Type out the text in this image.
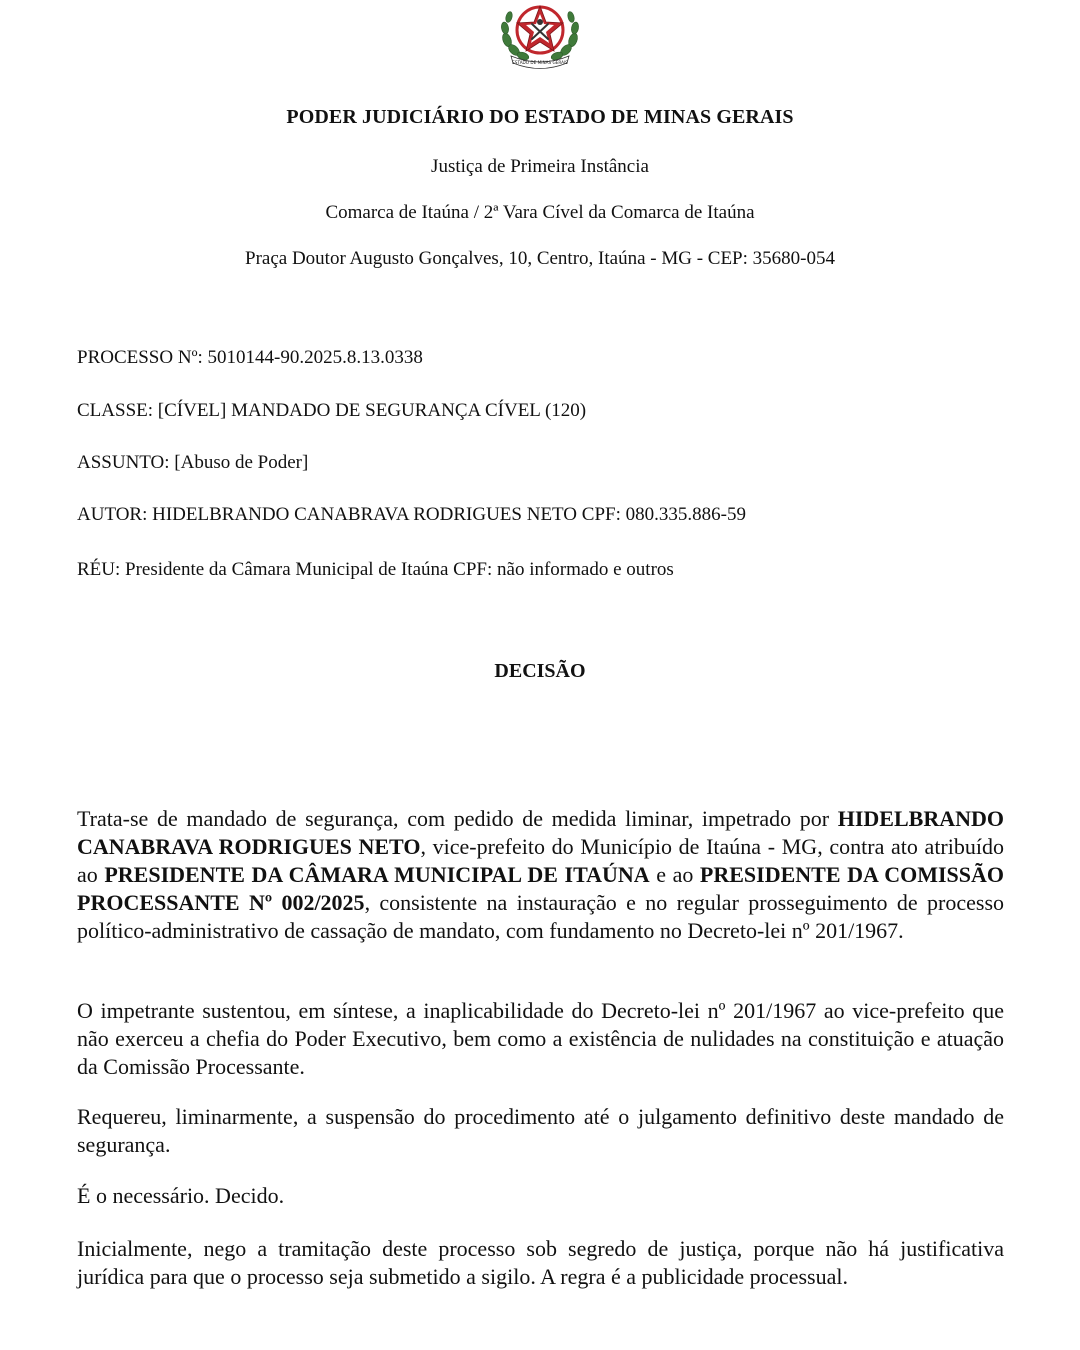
ESTADO DE MINAS GERAIS
PODER JUDICIÁRIO DO ESTADO DE MINAS GERAIS
Justiça de Primeira Instância
Comarca de Itaúna / 2ª Vara Cível da Comarca de Itaúna
Praça Doutor Augusto Gonçalves, 10, Centro, Itaúna - MG - CEP: 35680-054
PROCESSO Nº: 5010144-90.2025.8.13.0338
CLASSE: [CÍVEL] MANDADO DE SEGURANÇA CÍVEL (120)
ASSUNTO: [Abuso de Poder]
AUTOR: HIDELBRANDO CANABRAVA RODRIGUES NETO CPF: 080.335.886-59
RÉU: Presidente da Câmara Municipal de Itaúna CPF: não informado e outros
DECISÃO

Trata-se de mandado de segurança, com pedido de medida liminar, impetrado por HIDELBRANDO CANABRAVA RODRIGUES NETO, vice-prefeito do Município de Itaúna - MG, contra ato atribuído ao PRESIDENTE DA CÂMARA MUNICIPAL DE ITAÚNA e ao PRESIDENTE DA COMISSÃO PROCESSANTE Nº 002/2025, consistente na instauração e no regular prosseguimento de processo político-administrativo de cassação de mandato, com fundamento no Decreto-lei nº 201/1967.

O impetrante sustentou, em síntese, a inaplicabilidade do Decreto-lei nº 201/1967 ao vice-prefeito que não exerceu a chefia do Poder Executivo, bem como a existência de nulidades na constituição e atuação da Comissão Processante.

Requereu, liminarmente, a suspensão do procedimento até o julgamento definitivo deste mandado de segurança.

É o necessário. Decido.

Inicialmente, nego a tramitação deste processo sob segredo de justiça, porque não há justificativa jurídica para que o processo seja submetido a sigilo. A regra é a publicidade processual.
